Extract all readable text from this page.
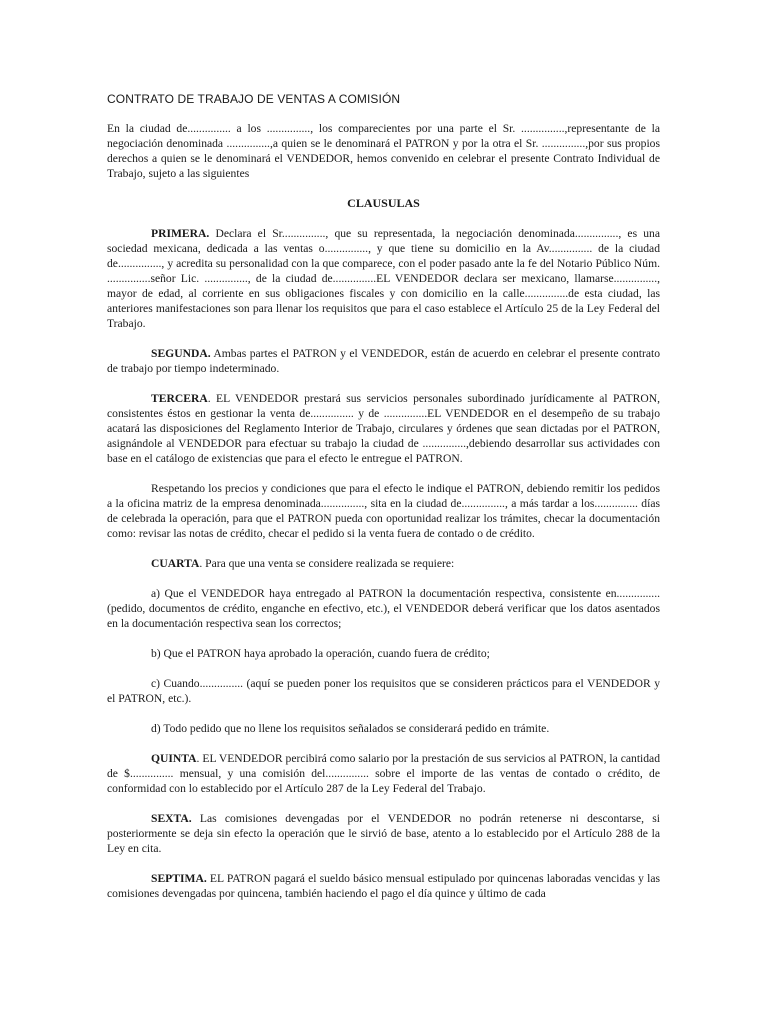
CONTRATO DE TRABAJO DE VENTAS A COMISIÓN

En la ciudad de............... a los ..............., los comparecientes por una parte el Sr. ...............,representante de la negociación denominada ...............,a quien se le denominará el PATRON y por la otra el Sr. ...............,por sus propios derechos a quien se le denominará el VENDEDOR, hemos convenido en celebrar el presente Contrato Individual de Trabajo, sujeto a las siguientes

CLAUSULAS

PRIMERA. Declara el Sr..............., que su representada, la negociación denominada..............., es una sociedad mexicana, dedicada a las ventas o..............., y que tiene su domicilio en la Av............... de la ciudad de..............., y acredita su personalidad con la que comparece, con el poder pasado ante la fe del Notario Público Núm. ...............señor Lic. ..............., de la ciudad de...............EL VENDEDOR declara ser mexicano, llamarse..............., mayor de edad, al corriente en sus obligaciones fiscales y con domicilio en la calle...............de esta ciudad, las anteriores manifestaciones son para llenar los requisitos que para el caso establece el Artículo 25 de la Ley Federal del Trabajo.

SEGUNDA. Ambas partes el PATRON y el VENDEDOR, están de acuerdo en celebrar el presente contrato de trabajo por tiempo indeterminado.

TERCERA. EL VENDEDOR prestará sus servicios personales subordinado jurídicamente al PATRON, consistentes éstos en gestionar la venta de............... y de ...............EL VENDEDOR en el desempeño de su trabajo acatará las disposiciones del Reglamento Interior de Trabajo, circulares y órdenes que sean dictadas por el PATRON, asignándole al VENDEDOR para efectuar su trabajo la ciudad de ...............,debiendo desarrollar sus actividades con base en el catálogo de existencias que para el efecto le entregue el PATRON.

Respetando los precios y condiciones que para el efecto le indique el PATRON, debiendo remitir los pedidos a la oficina matriz de la empresa denominada..............., sita en la ciudad de..............., a más tardar a los............... días de celebrada la operación, para que el PATRON pueda con oportunidad realizar los trámites, checar la documentación como: revisar las notas de crédito, checar el pedido si la venta fuera de contado o de crédito.

CUARTA. Para que una venta se considere realizada se requiere:

a) Que el VENDEDOR haya entregado al PATRON la documentación respectiva, consistente en............... (pedido, documentos de crédito, enganche en efectivo, etc.), el VENDEDOR deberá verificar que los datos asentados en la documentación respectiva sean los correctos;

b) Que el PATRON haya aprobado la operación, cuando fuera de crédito;

c) Cuando............... (aquí se pueden poner los requisitos que se consideren prácticos para el VENDEDOR y el PATRON, etc.).

d) Todo pedido que no llene los requisitos señalados se considerará pedido en trámite.

QUINTA. EL VENDEDOR percibirá como salario por la prestación de sus servicios al PATRON, la cantidad de $............... mensual, y una comisión del............... sobre el importe de las ventas de contado o crédito, de conformidad con lo establecido por el Artículo 287 de la Ley Federal del Trabajo.

SEXTA. Las comisiones devengadas por el VENDEDOR no podrán retenerse ni descontarse, si posteriormente se deja sin efecto la operación que le sirvió de base, atento a lo establecido por el Artículo 288 de la Ley en cita.

SEPTIMA. EL PATRON pagará el sueldo básico mensual estipulado por quincenas laboradas vencidas y las comisiones devengadas por quincena, también haciendo el pago el día quince y último de cada
